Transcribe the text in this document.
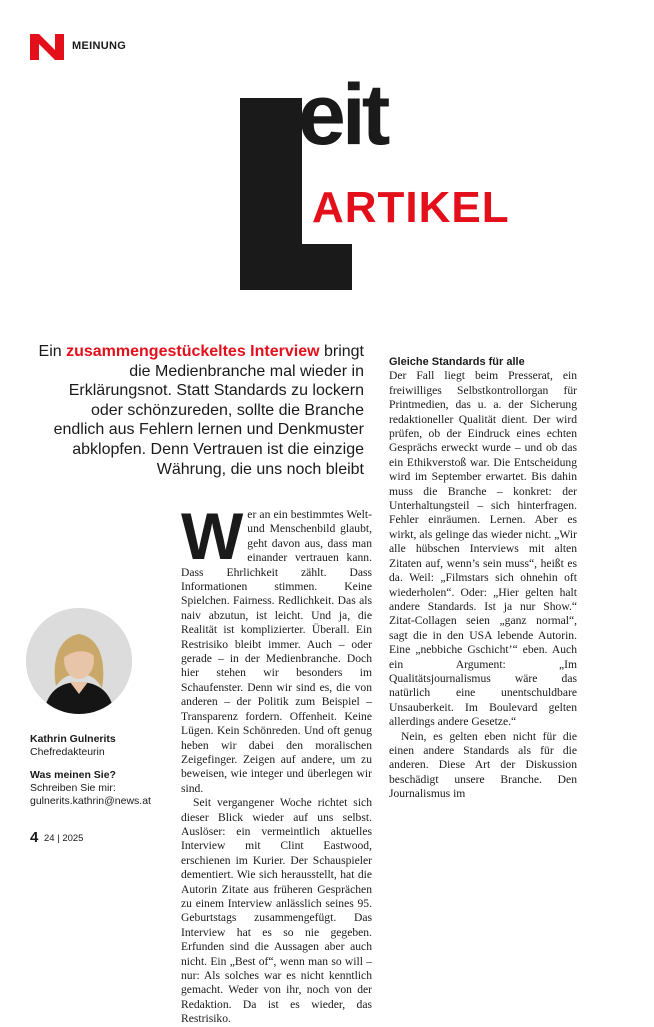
MEINUNG
eit
ARTIKEL
Ein zusammengestückeltes Interview bringt die Medienbranche mal wieder in Erklärungsnot. Statt Standards zu lockern oder schönzureden, sollte die Branche endlich aus Fehlern lernen und Denkmuster abklopfen. Denn Vertrauen ist die einzige Währung, die uns noch bleibt

Wer an ein bestimmtes Welt- und Menschenbild glaubt, geht davon aus, dass man einander vertrauen kann. Dass Ehrlichkeit zählt. Dass Informationen stimmen. Keine Spielchen. Fairness. Redlichkeit. Das als naiv abzutun, ist leicht. Und ja, die Realität ist komplizierter. Überall. Ein Restrisiko bleibt immer. Auch – oder gerade – in der Medienbranche. Doch hier stehen wir besonders im Schaufenster. Denn wir sind es, die von anderen – der Politik zum Beispiel – Transparenz fordern. Offenheit. Keine Lügen. Kein Schönreden. Und oft genug heben wir dabei den moralischen Zeigefinger. Zeigen auf andere, um zu beweisen, wie integer und überlegen wir sind.

Seit vergangener Woche richtet sich dieser Blick wieder auf uns selbst. Auslöser: ein vermeintlich aktuelles Interview mit Clint Eastwood, erschienen im Kurier. Der Schauspieler dementiert. Wie sich herausstellt, hat die Autorin Zitate aus früheren Gesprächen zu einem Interview anlässlich seines 95. Geburtstags zusammengefügt. Das Interview hat es so nie gegeben. Erfunden sind die Aussagen aber auch nicht. Ein „Best of“, wenn man so will – nur: Als solches war es nicht kenntlich gemacht. Weder von ihr, noch von der Redaktion. Da ist es wieder, das Restrisiko.

Gleiche Standards für alle

Der Fall liegt beim Presserat, ein freiwilliges Selbstkontrollorgan für Printmedien, das u. a. der Sicherung redaktioneller Qualität dient. Der wird prüfen, ob der Eindruck eines echten Gesprächs erweckt wurde – und ob das ein Ethikverstoß war. Die Entscheidung wird im September erwartet. Bis dahin muss die Branche – konkret: der Unterhaltungsteil – sich hinterfragen. Fehler einräumen. Lernen. Aber es wirkt, als gelinge das wieder nicht. „Wir alle hübschen Interviews mit alten Zitaten auf, wenn’s sein muss“, heißt es da. Weil: „Filmstars sich ohnehin oft wiederholen“. Oder: „Hier gelten halt andere Standards. Ist ja nur Show.“ Zitat-Collagen seien „ganz normal“, sagt die in den USA lebende Autorin. Eine „nebbiche Gschicht’“ eben. Auch ein Argument: „Im Qualitätsjournalismus wäre das natürlich eine unentschuldbare Unsauberkeit. Im Boulevard gelten allerdings andere Gesetze.“

Nein, es gelten eben nicht für die einen andere Standards als für die anderen. Diese Art der Diskussion beschädigt unsere Branche. Den Journalismus im

Kathrin Gulnerits
Chefredakteurin
Was meinen Sie?
Schreiben Sie mir:
gulnerits.kathrin@news.at
4 24 | 2025
